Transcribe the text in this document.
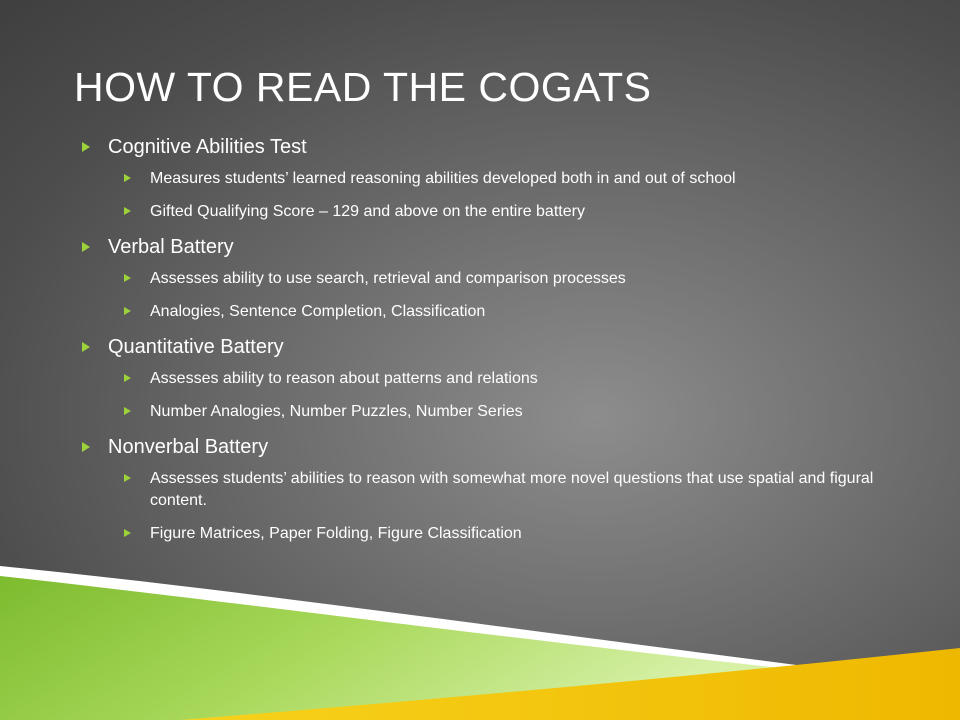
HOW TO READ THE COGATS
Cognitive Abilities Test
Measures students’ learned reasoning abilities developed both in and out of school
Gifted Qualifying Score – 129 and above on the entire battery
Verbal Battery
Assesses ability to use search, retrieval and comparison processes
Analogies, Sentence Completion, Classification
Quantitative Battery
Assesses ability to reason about patterns and relations
Number Analogies, Number Puzzles, Number Series
Nonverbal Battery
Assesses students’ abilities to reason with somewhat more novel questions that use spatial and figural content.
Figure Matrices, Paper Folding, Figure Classification
